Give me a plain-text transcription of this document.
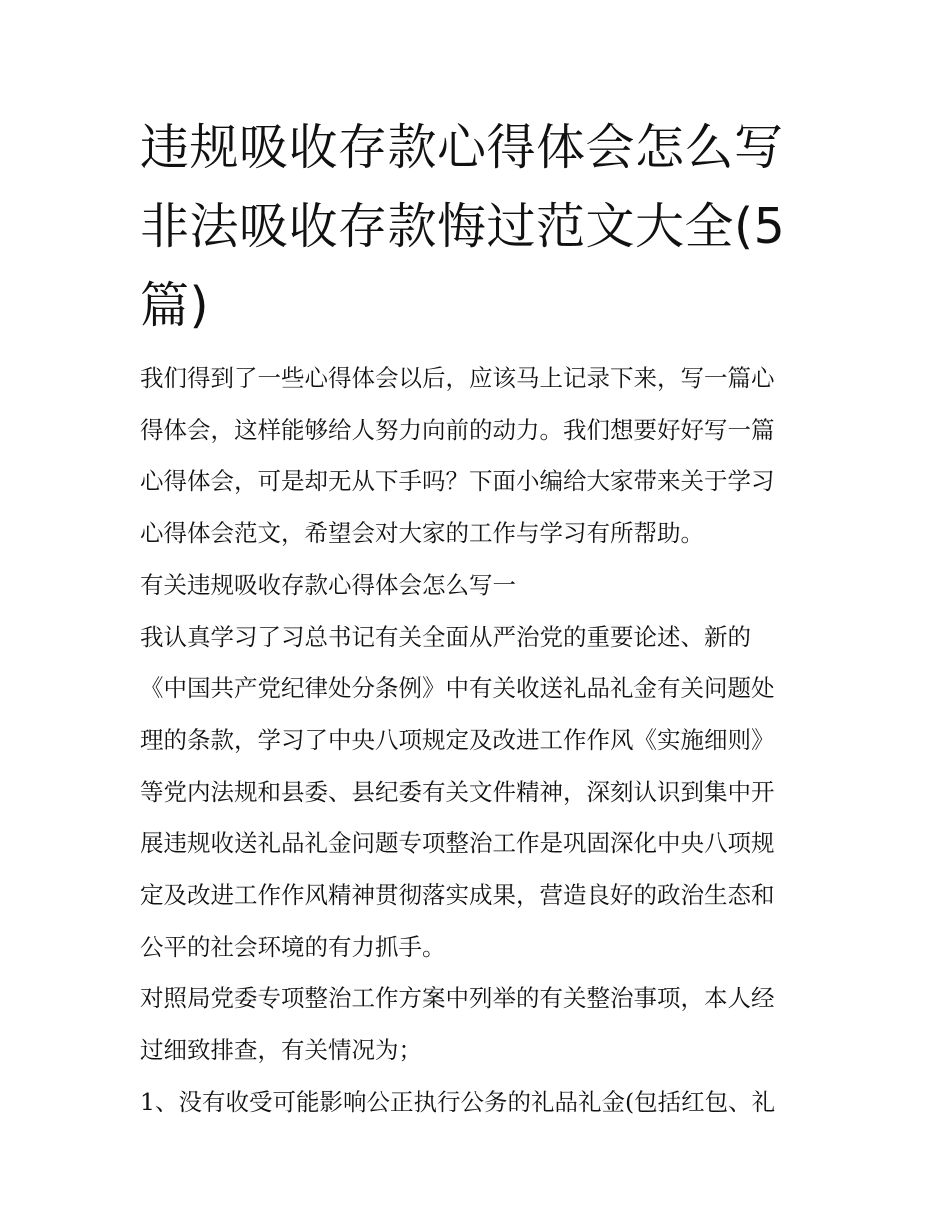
违规吸收存款心得体会怎么写
非法吸收存款悔过范文大全(5
篇)
我们得到了一些心得体会以后，应该马上记录下来，写一篇心
得体会，这样能够给人努力向前的动力。我们想要好好写一篇
心得体会，可是却无从下手吗？下面小编给大家带来关于学习
心得体会范文，希望会对大家的工作与学习有所帮助。
有关违规吸收存款心得体会怎么写一
我认真学习了习总书记有关全面从严治党的重要论述、新的
《中国共产党纪律处分条例》中有关收送礼品礼金有关问题处
理的条款，学习了中央八项规定及改进工作作风《实施细则》
等党内法规和县委、县纪委有关文件精神，深刻认识到集中开
展违规收送礼品礼金问题专项整治工作是巩固深化中央八项规
定及改进工作作风精神贯彻落实成果，营造良好的政治生态和
公平的社会环境的有力抓手。
对照局党委专项整治工作方案中列举的有关整治事项，本人经
过细致排查，有关情况为；
1、没有收受可能影响公正执行公务的礼品礼金(包括红包、礼
